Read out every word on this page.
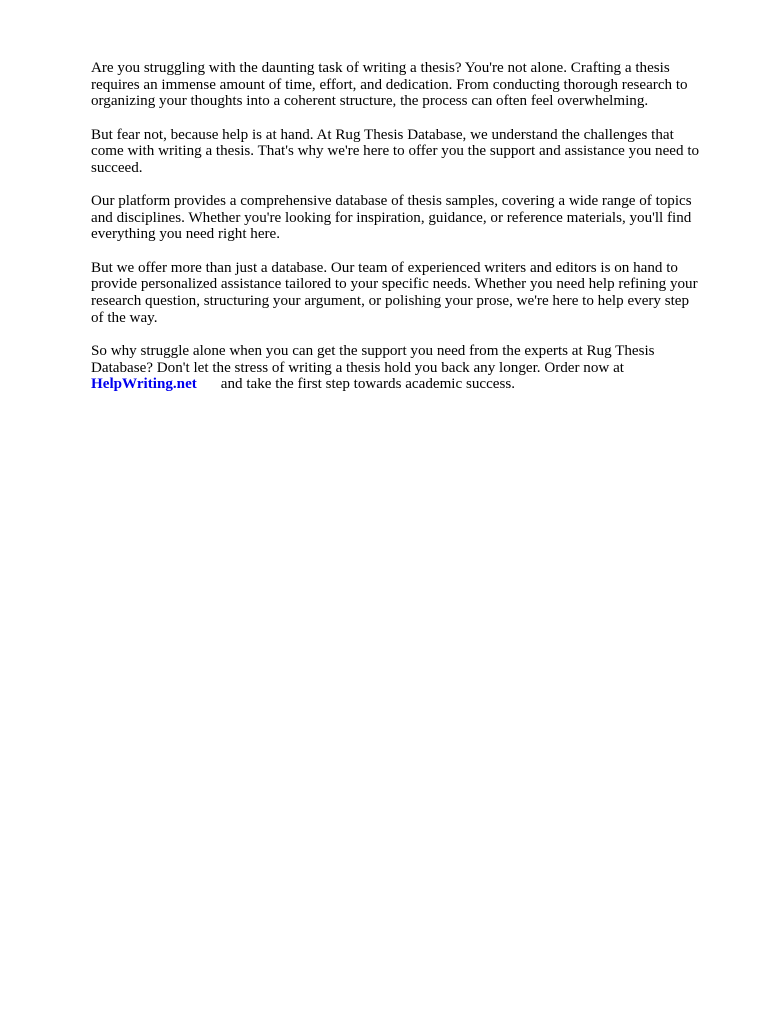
Are you struggling with the daunting task of writing a thesis? You're not alone. Crafting a thesis
requires an immense amount of time, effort, and dedication. From conducting thorough research to
organizing your thoughts into a coherent structure, the process can often feel overwhelming.

But fear not, because help is at hand. At Rug Thesis Database, we understand the challenges that
come with writing a thesis. That's why we're here to offer you the support and assistance you need to
succeed.

Our platform provides a comprehensive database of thesis samples, covering a wide range of topics
and disciplines. Whether you're looking for inspiration, guidance, or reference materials, you'll find
everything you need right here.

But we offer more than just a database. Our team of experienced writers and editors is on hand to
provide personalized assistance tailored to your specific needs. Whether you need help refining your
research question, structuring your argument, or polishing your prose, we're here to help every step
of the way.

So why struggle alone when you can get the support you need from the experts at Rug Thesis
Database? Don't let the stress of writing a thesis hold you back any longer. Order now at
HelpWriting.net and take the first step towards academic success.
